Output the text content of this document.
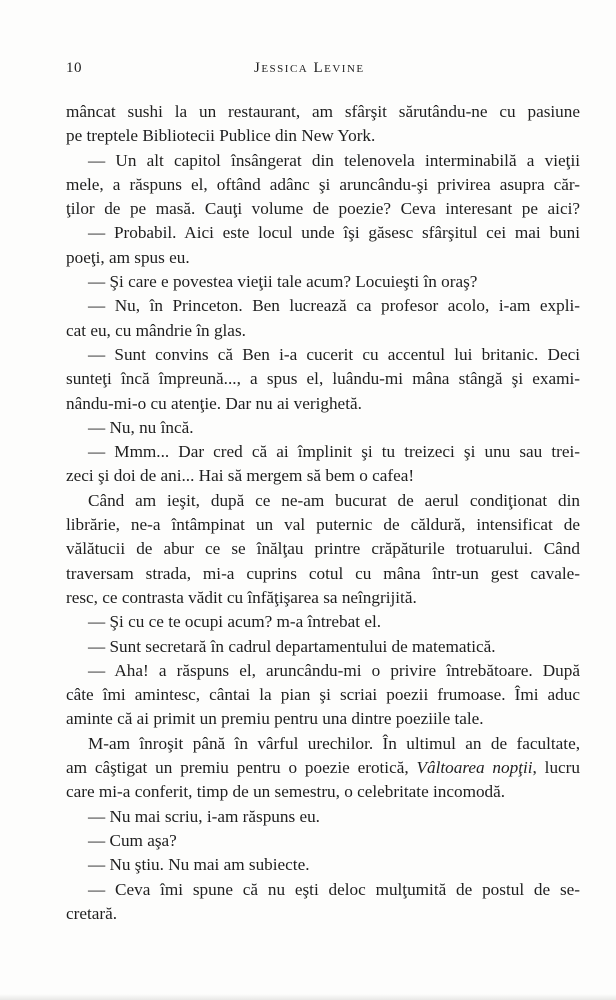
10	Jessica Levine
mâncat sushi la un restaurant, am sfârşit sărutându-ne cu pasiune
pe treptele Bibliotecii Publice din New York.
— Un alt capitol însângerat din telenovela interminabilă a vieţii
mele, a răspuns el, oftând adânc şi aruncându-şi privirea asupra căr-
ţilor de pe masă. Cauţi volume de poezie? Ceva interesant pe aici?
— Probabil. Aici este locul unde îşi găsesc sfârşitul cei mai buni
poeţi, am spus eu.
— Şi care e povestea vieţii tale acum? Locuieşti în oraş?
— Nu, în Princeton. Ben lucrează ca profesor acolo, i-am expli-
cat eu, cu mândrie în glas.
— Sunt convins că Ben i-a cucerit cu accentul lui britanic. Deci
sunteţi încă împreună..., a spus el, luându-mi mâna stângă şi exami-
nându-mi-o cu atenţie. Dar nu ai verighetă.
— Nu, nu încă.
— Mmm... Dar cred că ai împlinit şi tu treizeci şi unu sau trei-
zeci şi doi de ani... Hai să mergem să bem o cafea!
Când am ieşit, după ce ne-am bucurat de aerul condiţionat din
librărie, ne-a întâmpinat un val puternic de căldură, intensificat de
vălătucii de abur ce se înălţau printre crăpăturile trotuarului. Când
traversam strada, mi-a cuprins cotul cu mâna într-un gest cavale-
resc, ce contrasta vădit cu înfăţişarea sa neîngrijită.
— Şi cu ce te ocupi acum? m-a întrebat el.
— Sunt secretară în cadrul departamentului de matematică.
— Aha! a răspuns el, aruncându-mi o privire întrebătoare. După
câte îmi amintesc, cântai la pian şi scriai poezii frumoase. Îmi aduc
aminte că ai primit un premiu pentru una dintre poeziile tale.
M-am înroşit până în vârful urechilor. În ultimul an de facultate,
am câştigat un premiu pentru o poezie erotică, Vâltoarea nopţii, lucru
care mi-a conferit, timp de un semestru, o celebritate incomodă.
— Nu mai scriu, i-am răspuns eu.
— Cum aşa?
— Nu ştiu. Nu mai am subiecte.
— Ceva îmi spune că nu eşti deloc mulţumită de postul de se-
cretară.
